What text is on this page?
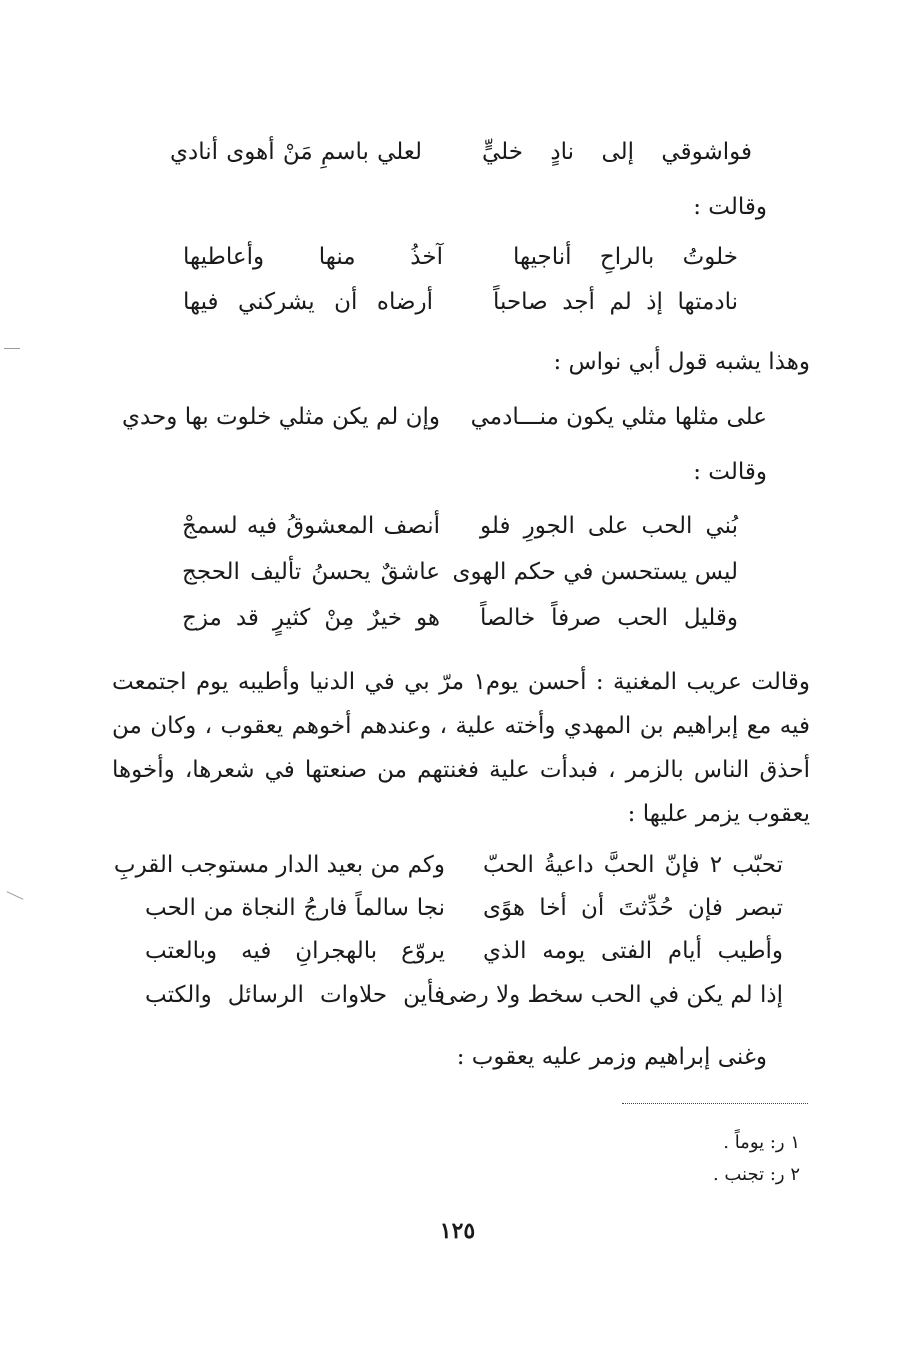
فواشوقي إلى نادٍ خليٍّ
لعلي باسمِ مَنْ أهوى أنادي
وقالت :
خلوتُ بالراحِ أناجيها
آخذُ منها وأعاطيها
نادمتها إذ لم أجد صاحباً
أرضاه أن يشركني فيها
وهذا يشبه قول أبي نواس :
على مثلها مثلي يكون منـــادمي
وإن لم يكن مثلي خلوت بها وحدي
وقالت :
بُني الحب على الجورِ فلو
أنصف المعشوقُ فيه لسمجْ
ليس يستحسن في حكم الهوى
عاشقٌ يحسنُ تأليف الحجج
وقليل الحب صرفاً خالصاً
هو خيرٌ مِنْ كثيرٍ قد مزج
وقالت عريب المغنية : أحسن يوم١ مرّ بي في الدنيا وأطيبه يوم اجتمعت فيه مع إبراهيم بن المهدي وأخته علية ، وعندهم أخوهم يعقوب ، وكان من أحذق الناس بالزمر ، فبدأت علية فغنتهم من صنعتها في شعرها، وأخوها يعقوب يزمر عليها :
تحبّب ٢ فإنّ الحبَّ داعيةُ الحبّ
وكم من بعيد الدار مستوجب القربِ
تبصر فإن حُدِّثتَ أن أخا هوًى
نجا سالماً فارجُ النجاة من الحب
وأطيب أيام الفتى يومه الذي
يروّع بالهجرانِ فيه وبالعتب
إذا لم يكن في الحب سخط ولا رضى
فأين حلاوات الرسائل والكتب
وغنى إبراهيم وزمر عليه يعقوب :
١ ر: يوماً .
٢ ر: تجنب .
١٢٥
